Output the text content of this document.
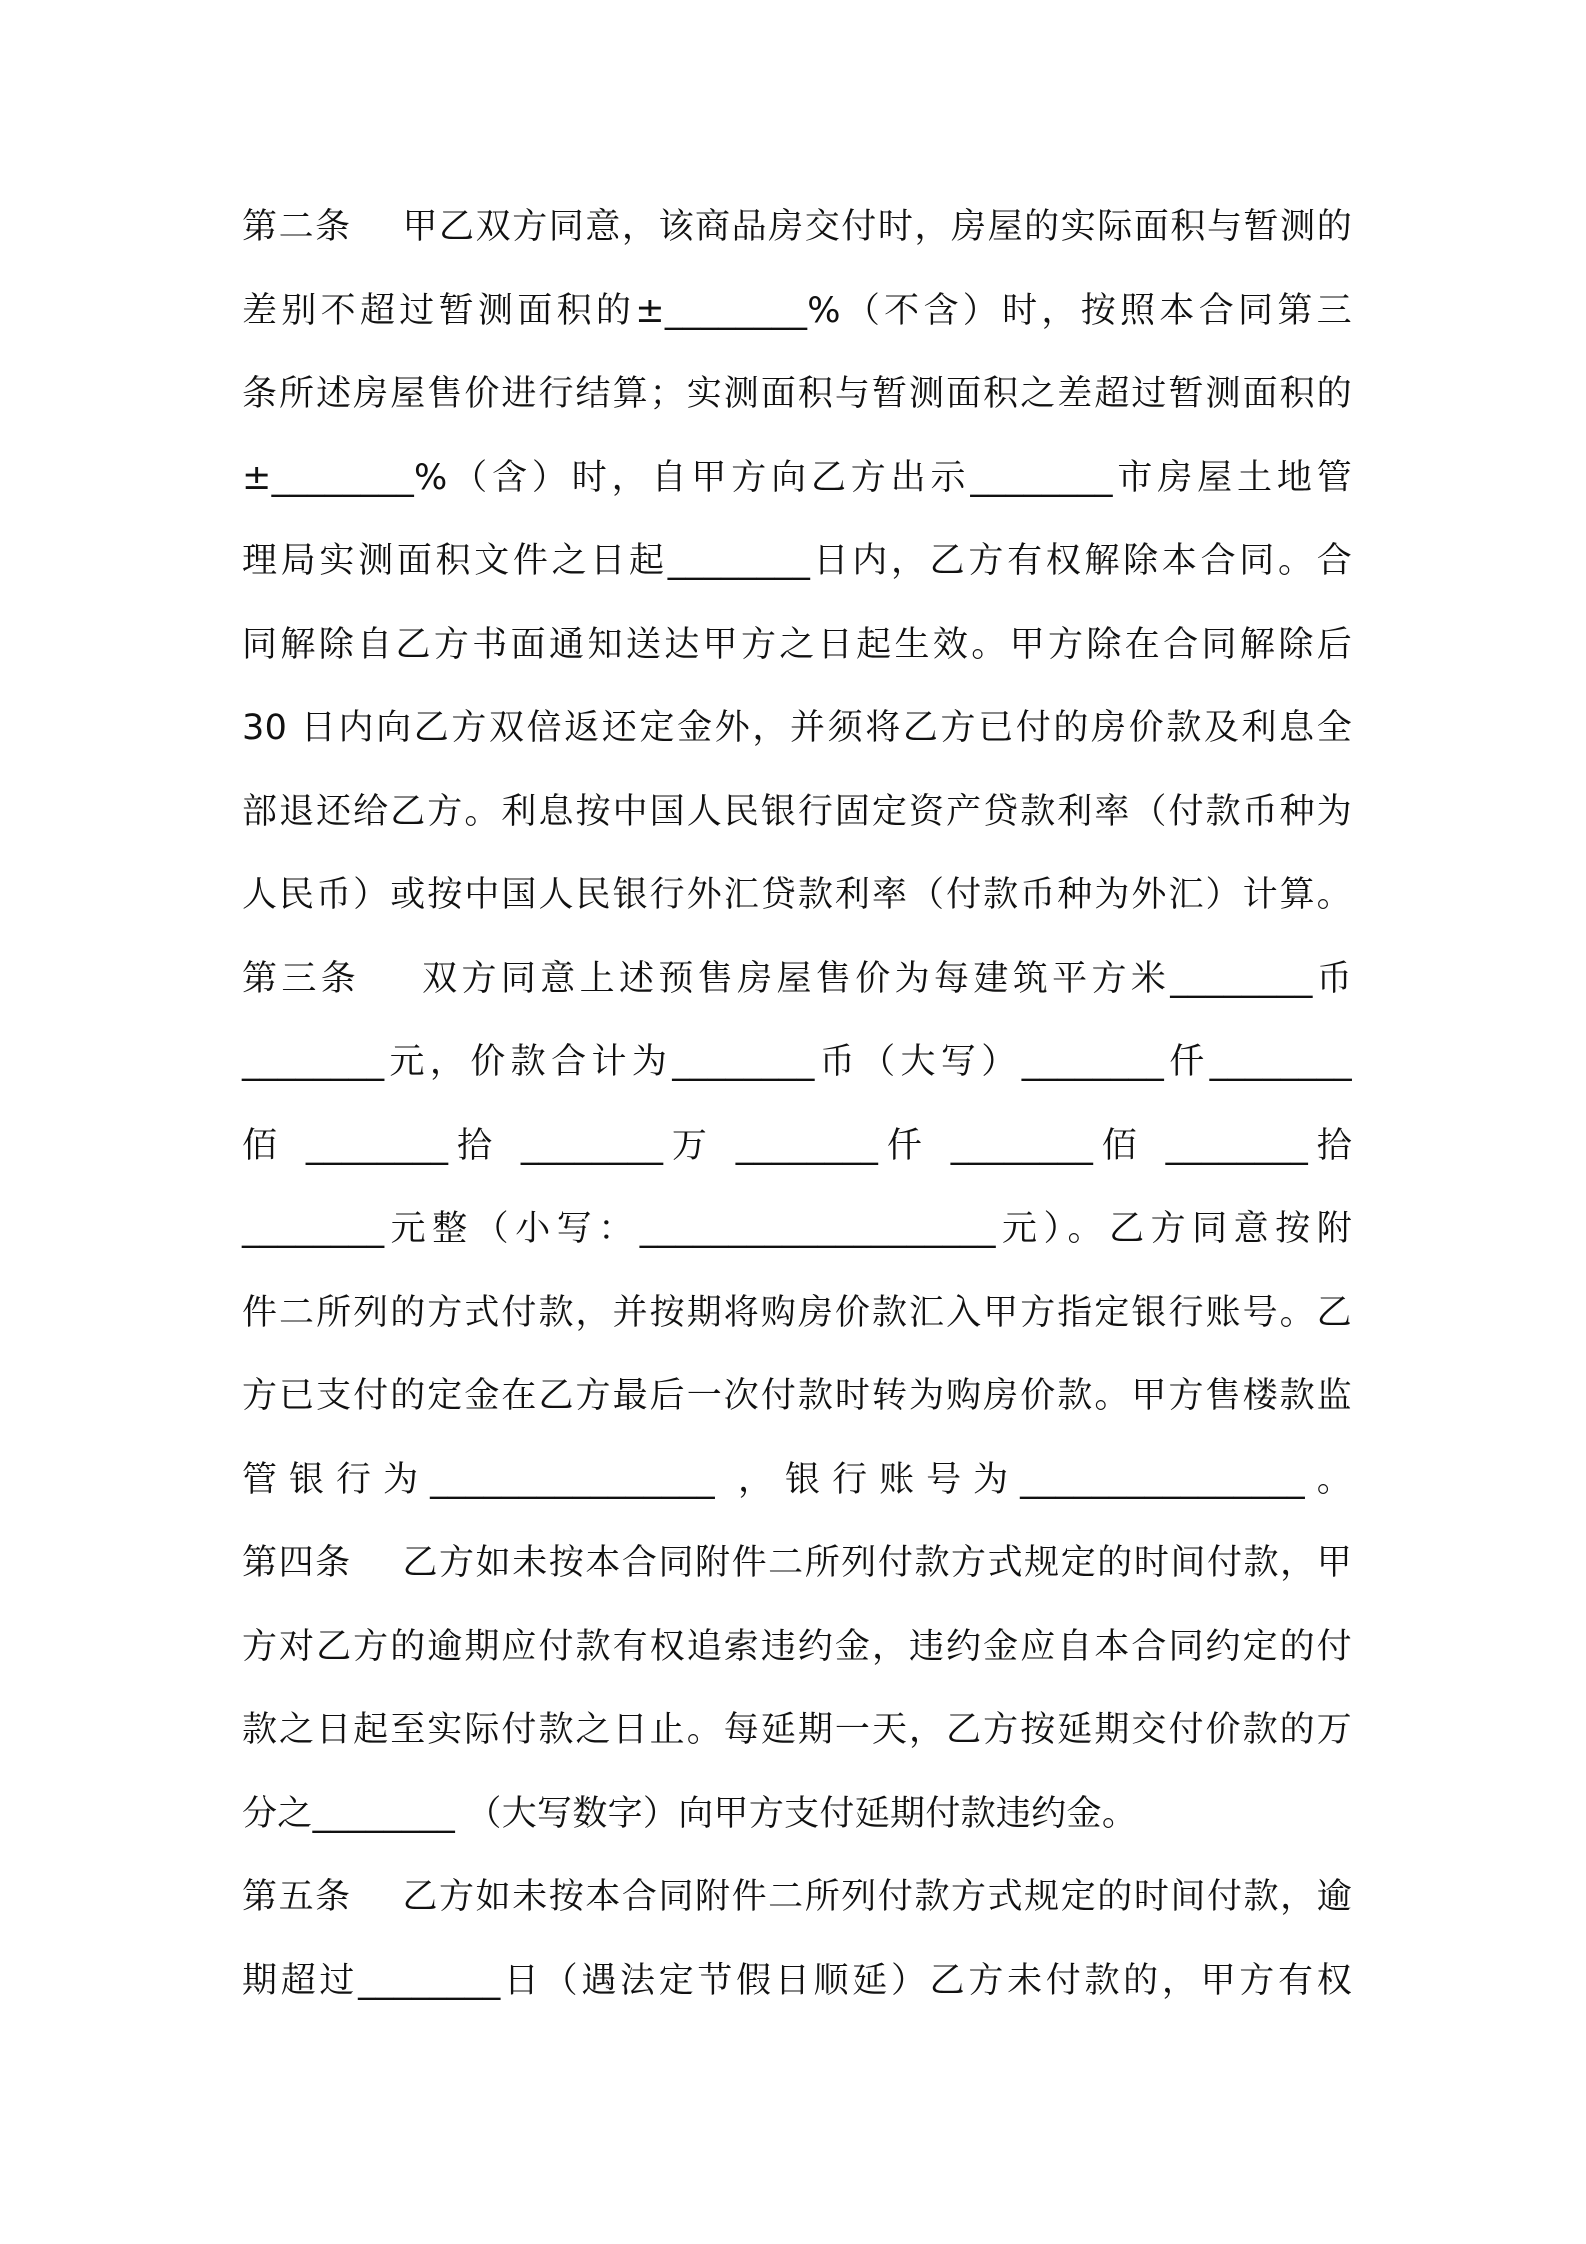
第二条    甲乙双方同意，该商品房交付时，房屋的实际面积与暂测的
差别不超过暂测面积的±________%（不含）时，按照本合同第三
条所述房屋售价进行结算；实测面积与暂测面积之差超过暂测面积的
±________%（含）时，自甲方向乙方出示________市房屋土地管
理局实测面积文件之日起________日内，乙方有权解除本合同。合
同解除自乙方书面通知送达甲方之日起生效。甲方除在合同解除后
30 日内向乙方双倍返还定金外，并须将乙方已付的房价款及利息全
部退还给乙方。利息按中国人民银行固定资产贷款利率（付款币种为
人民币）或按中国人民银行外汇贷款利率（付款币种为外汇）计算。
第三条    双方同意上述预售房屋售价为每建筑平方米________币
________元，价款合计为________币（大写）________仟________
佰 ________拾 ________万 ________仟 ________佰 ________拾
________元整（小写：____________________元）。乙方同意按附
件二所列的方式付款，并按期将购房价款汇入甲方指定银行账号。乙
方已支付的定金在乙方最后一次付款时转为购房价款。甲方售楼款监
管银行为________________ ，银行账号为________________。
第四条    乙方如未按本合同附件二所列付款方式规定的时间付款，甲
方对乙方的逾期应付款有权追索违约金，违约金应自本合同约定的付
款之日起至实际付款之日止。每延期一天，乙方按延期交付价款的万
分之________ （大写数字）向甲方支付延期付款违约金。
第五条    乙方如未按本合同附件二所列付款方式规定的时间付款，逾
期超过________日（遇法定节假日顺延）乙方未付款的，甲方有权
